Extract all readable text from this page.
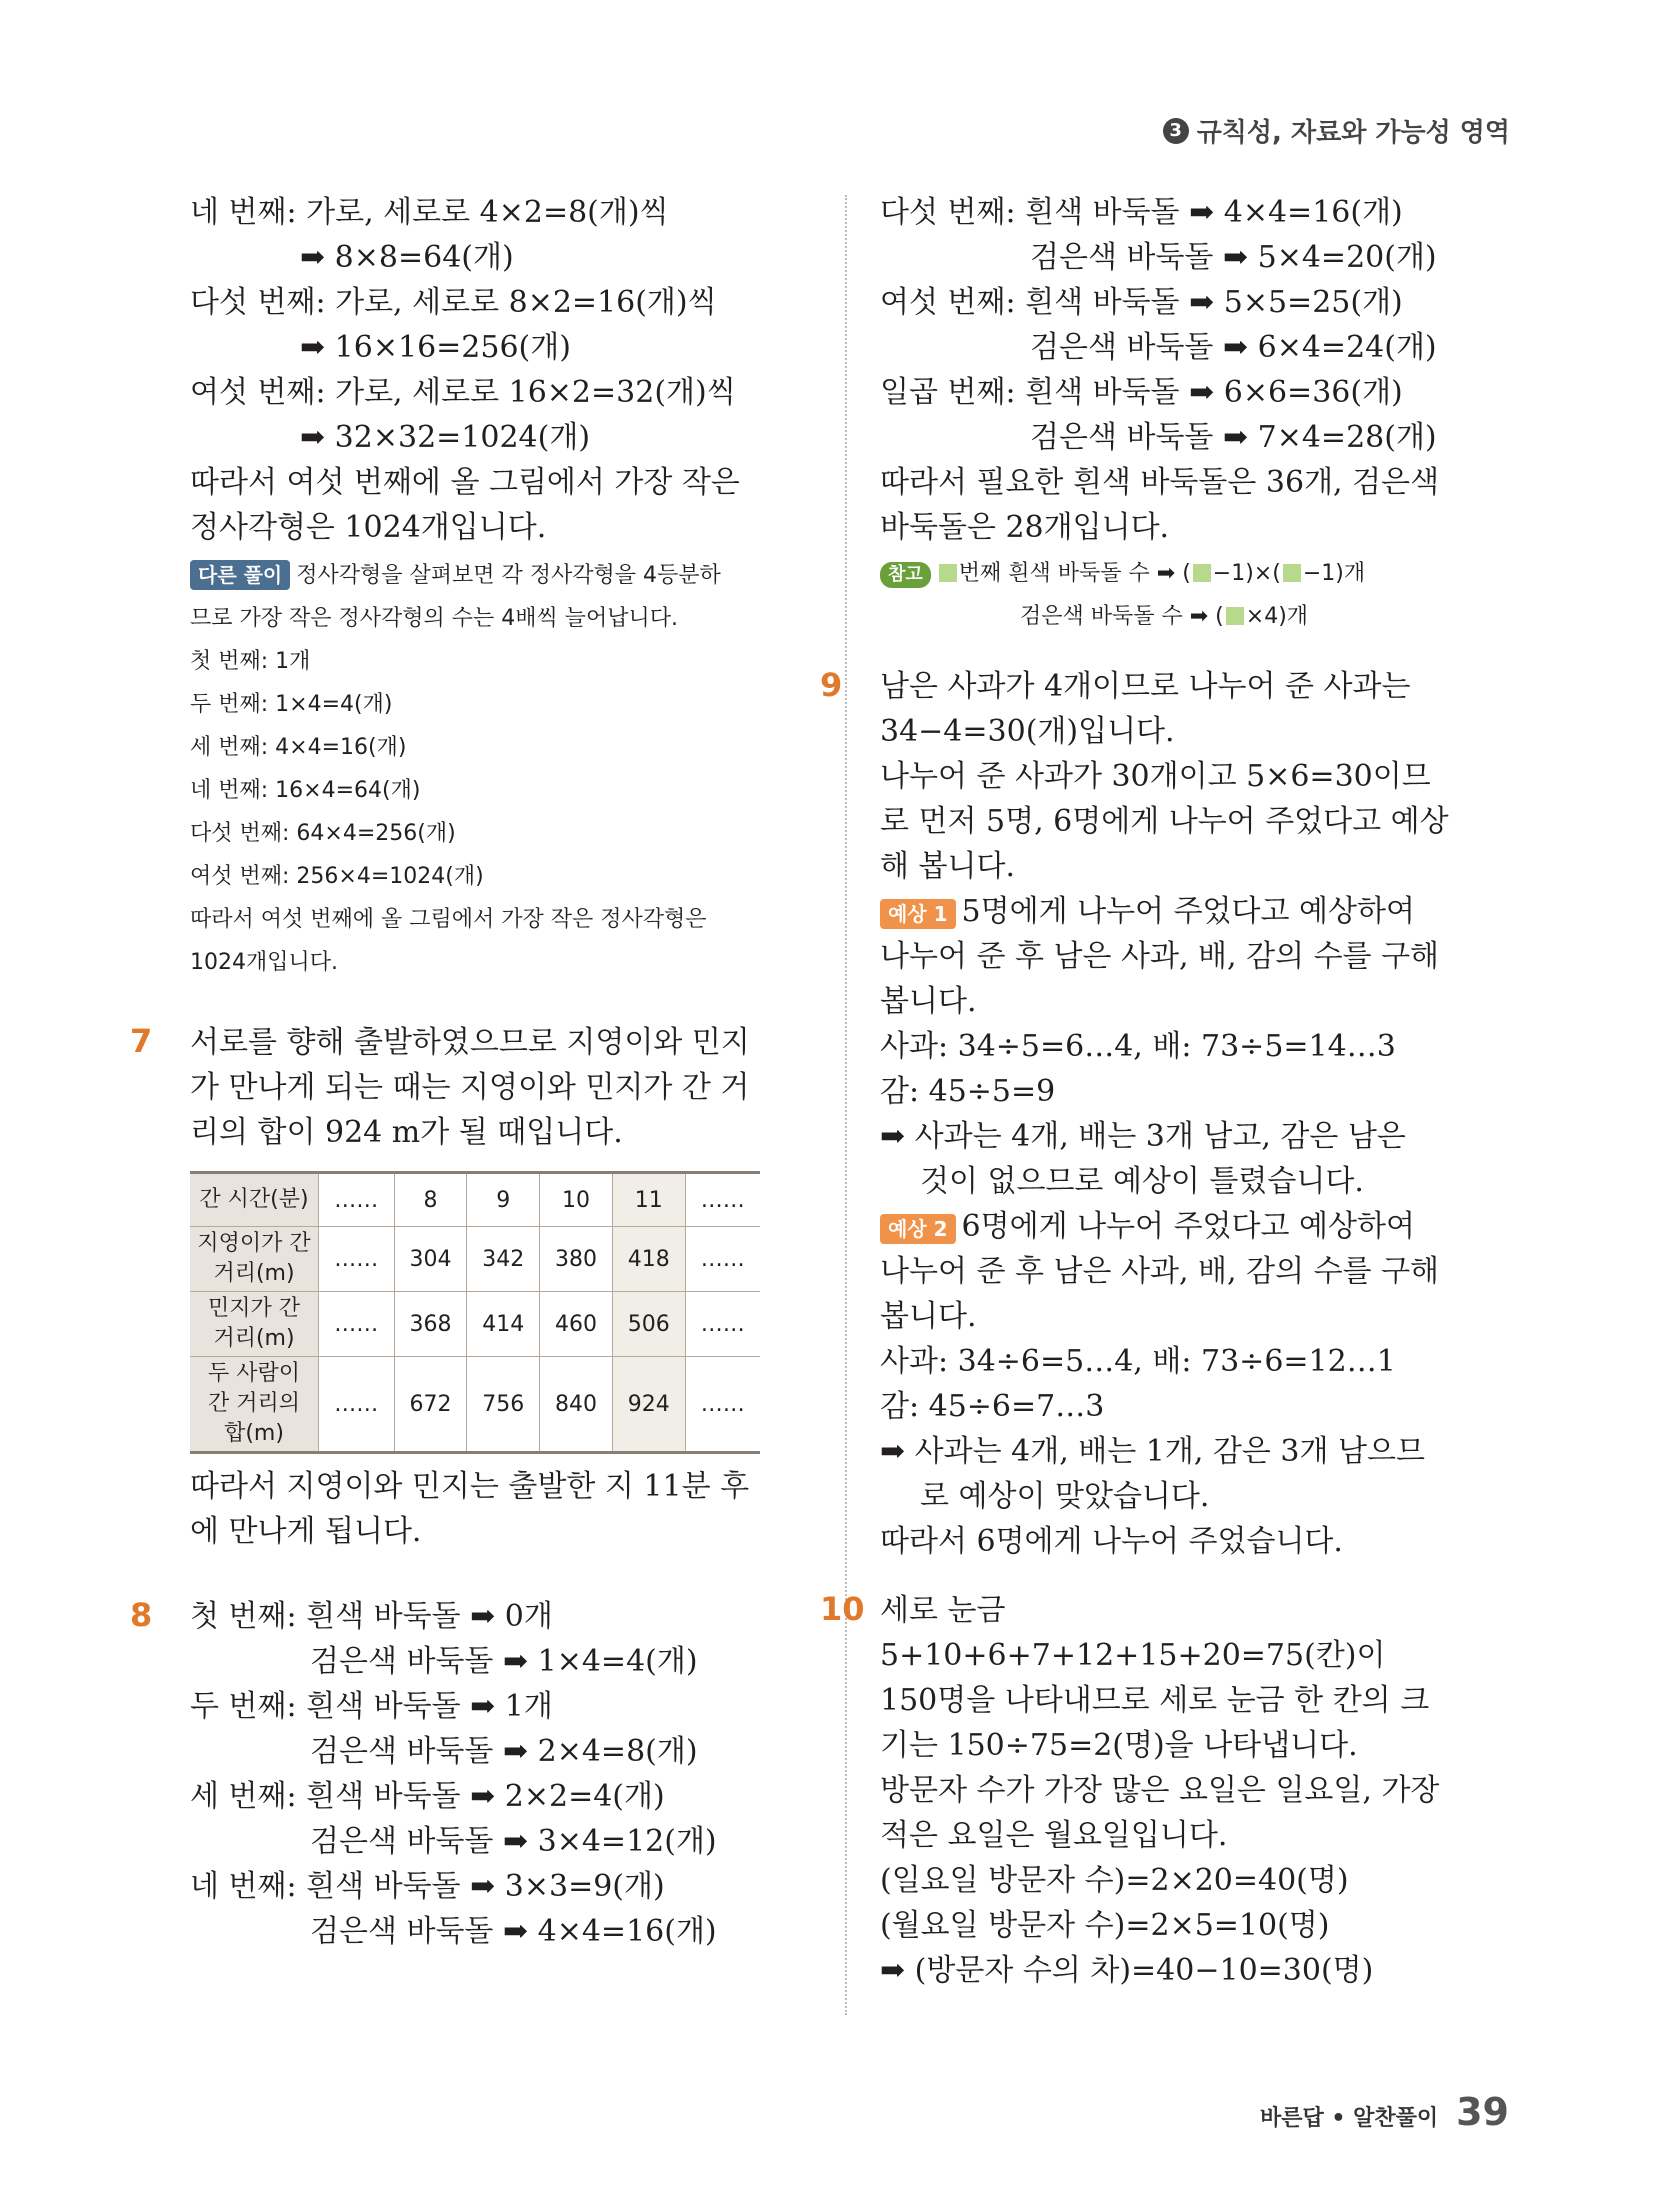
3 규칙성, 자료와 가능성 영역
네 번째: 가로, 세로로 4×2=8(개)씩
➡ 8×8=64(개)
다섯 번째: 가로, 세로로 8×2=16(개)씩
➡ 16×16=256(개)
여섯 번째: 가로, 세로로 16×2=32(개)씩
➡ 32×32=1024(개)
따라서 여섯 번째에 올 그림에서 가장 작은
정사각형은 1024개입니다.
다른 풀이 정사각형을 살펴보면 각 정사각형을 4등분하
므로 가장 작은 정사각형의 수는 4배씩 늘어납니다.
첫 번째: 1개
두 번째: 1×4=4(개)
세 번째: 4×4=16(개)
네 번째: 16×4=64(개)
다섯 번째: 64×4=256(개)
여섯 번째: 256×4=1024(개)
따라서 여섯 번째에 올 그림에서 가장 작은 정사각형은
1024개입니다.
7 서로를 향해 출발하였으므로 지영이와 민지
가 만나게 되는 때는 지영이와 민지가 간 거
리의 합이 924 m가 될 때입니다.
간 시간(분)	……	8	9	10	11	……
지영이가 간 거리(m)	……	304	342	380	418	……
민지가 간 거리(m)	……	368	414	460	506	……
두 사람이 간 거리의 합(m)	……	672	756	840	924	……
따라서 지영이와 민지는 출발한 지 11분 후
에 만나게 됩니다.
8 첫 번째: 흰색 바둑돌 ➡ 0개
검은색 바둑돌 ➡ 1×4=4(개)
두 번째: 흰색 바둑돌 ➡ 1개
검은색 바둑돌 ➡ 2×4=8(개)
세 번째: 흰색 바둑돌 ➡ 2×2=4(개)
검은색 바둑돌 ➡ 3×4=12(개)
네 번째: 흰색 바둑돌 ➡ 3×3=9(개)
검은색 바둑돌 ➡ 4×4=16(개)
다섯 번째: 흰색 바둑돌 ➡ 4×4=16(개)
검은색 바둑돌 ➡ 5×4=20(개)
여섯 번째: 흰색 바둑돌 ➡ 5×5=25(개)
검은색 바둑돌 ➡ 6×4=24(개)
일곱 번째: 흰색 바둑돌 ➡ 6×6=36(개)
검은색 바둑돌 ➡ 7×4=28(개)
따라서 필요한 흰색 바둑돌은 36개, 검은색
바둑돌은 28개입니다.
참고 번째 흰색 바둑돌 수 ➡ ( −1)×( −1)개
검은색 바둑돌 수 ➡ ( ×4)개
9 남은 사과가 4개이므로 나누어 준 사과는
34−4=30(개)입니다.
나누어 준 사과가 30개이고 5×6=30이므
로 먼저 5명, 6명에게 나누어 주었다고 예상
해 봅니다.
예상 1 5명에게 나누어 주었다고 예상하여
나누어 준 후 남은 사과, 배, 감의 수를 구해
봅니다.
사과: 34÷5=6…4, 배: 73÷5=14…3
감: 45÷5=9
➡ 사과는 4개, 배는 3개 남고, 감은 남은
것이 없으므로 예상이 틀렸습니다.
예상 2 6명에게 나누어 주었다고 예상하여
나누어 준 후 남은 사과, 배, 감의 수를 구해
봅니다.
사과: 34÷6=5…4, 배: 73÷6=12…1
감: 45÷6=7…3
➡ 사과는 4개, 배는 1개, 감은 3개 남으므
로 예상이 맞았습니다.
따라서 6명에게 나누어 주었습니다.
10 세로 눈금
5+10+6+7+12+15+20=75(칸)이
150명을 나타내므로 세로 눈금 한 칸의 크
기는 150÷75=2(명)을 나타냅니다.
방문자 수가 가장 많은 요일은 일요일, 가장
적은 요일은 월요일입니다.
(일요일 방문자 수)=2×20=40(명)
(월요일 방문자 수)=2×5=10(명)
➡ (방문자 수의 차)=40−10=30(명)
바른답 • 알찬풀이 39
